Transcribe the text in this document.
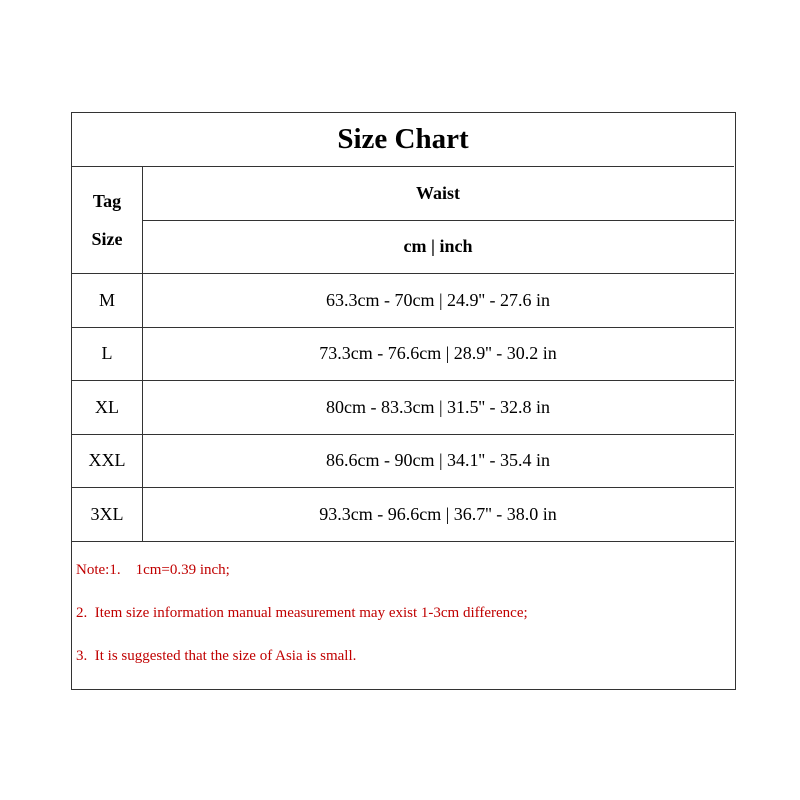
Size Chart
Tag
Size
Waist
cm | inch
M	63.3cm - 70cm | 24.9'' - 27.6 in
L	73.3cm - 76.6cm | 28.9'' - 30.2 in
XL	80cm - 83.3cm | 31.5'' - 32.8 in
XXL	86.6cm - 90cm | 34.1'' - 35.4 in
3XL	93.3cm - 96.6cm | 36.7'' - 38.0 in
Note:1.    1cm=0.39 inch;
2.  Item size information manual measurement may exist 1-3cm difference;
3.  It is suggested that the size of Asia is small.
